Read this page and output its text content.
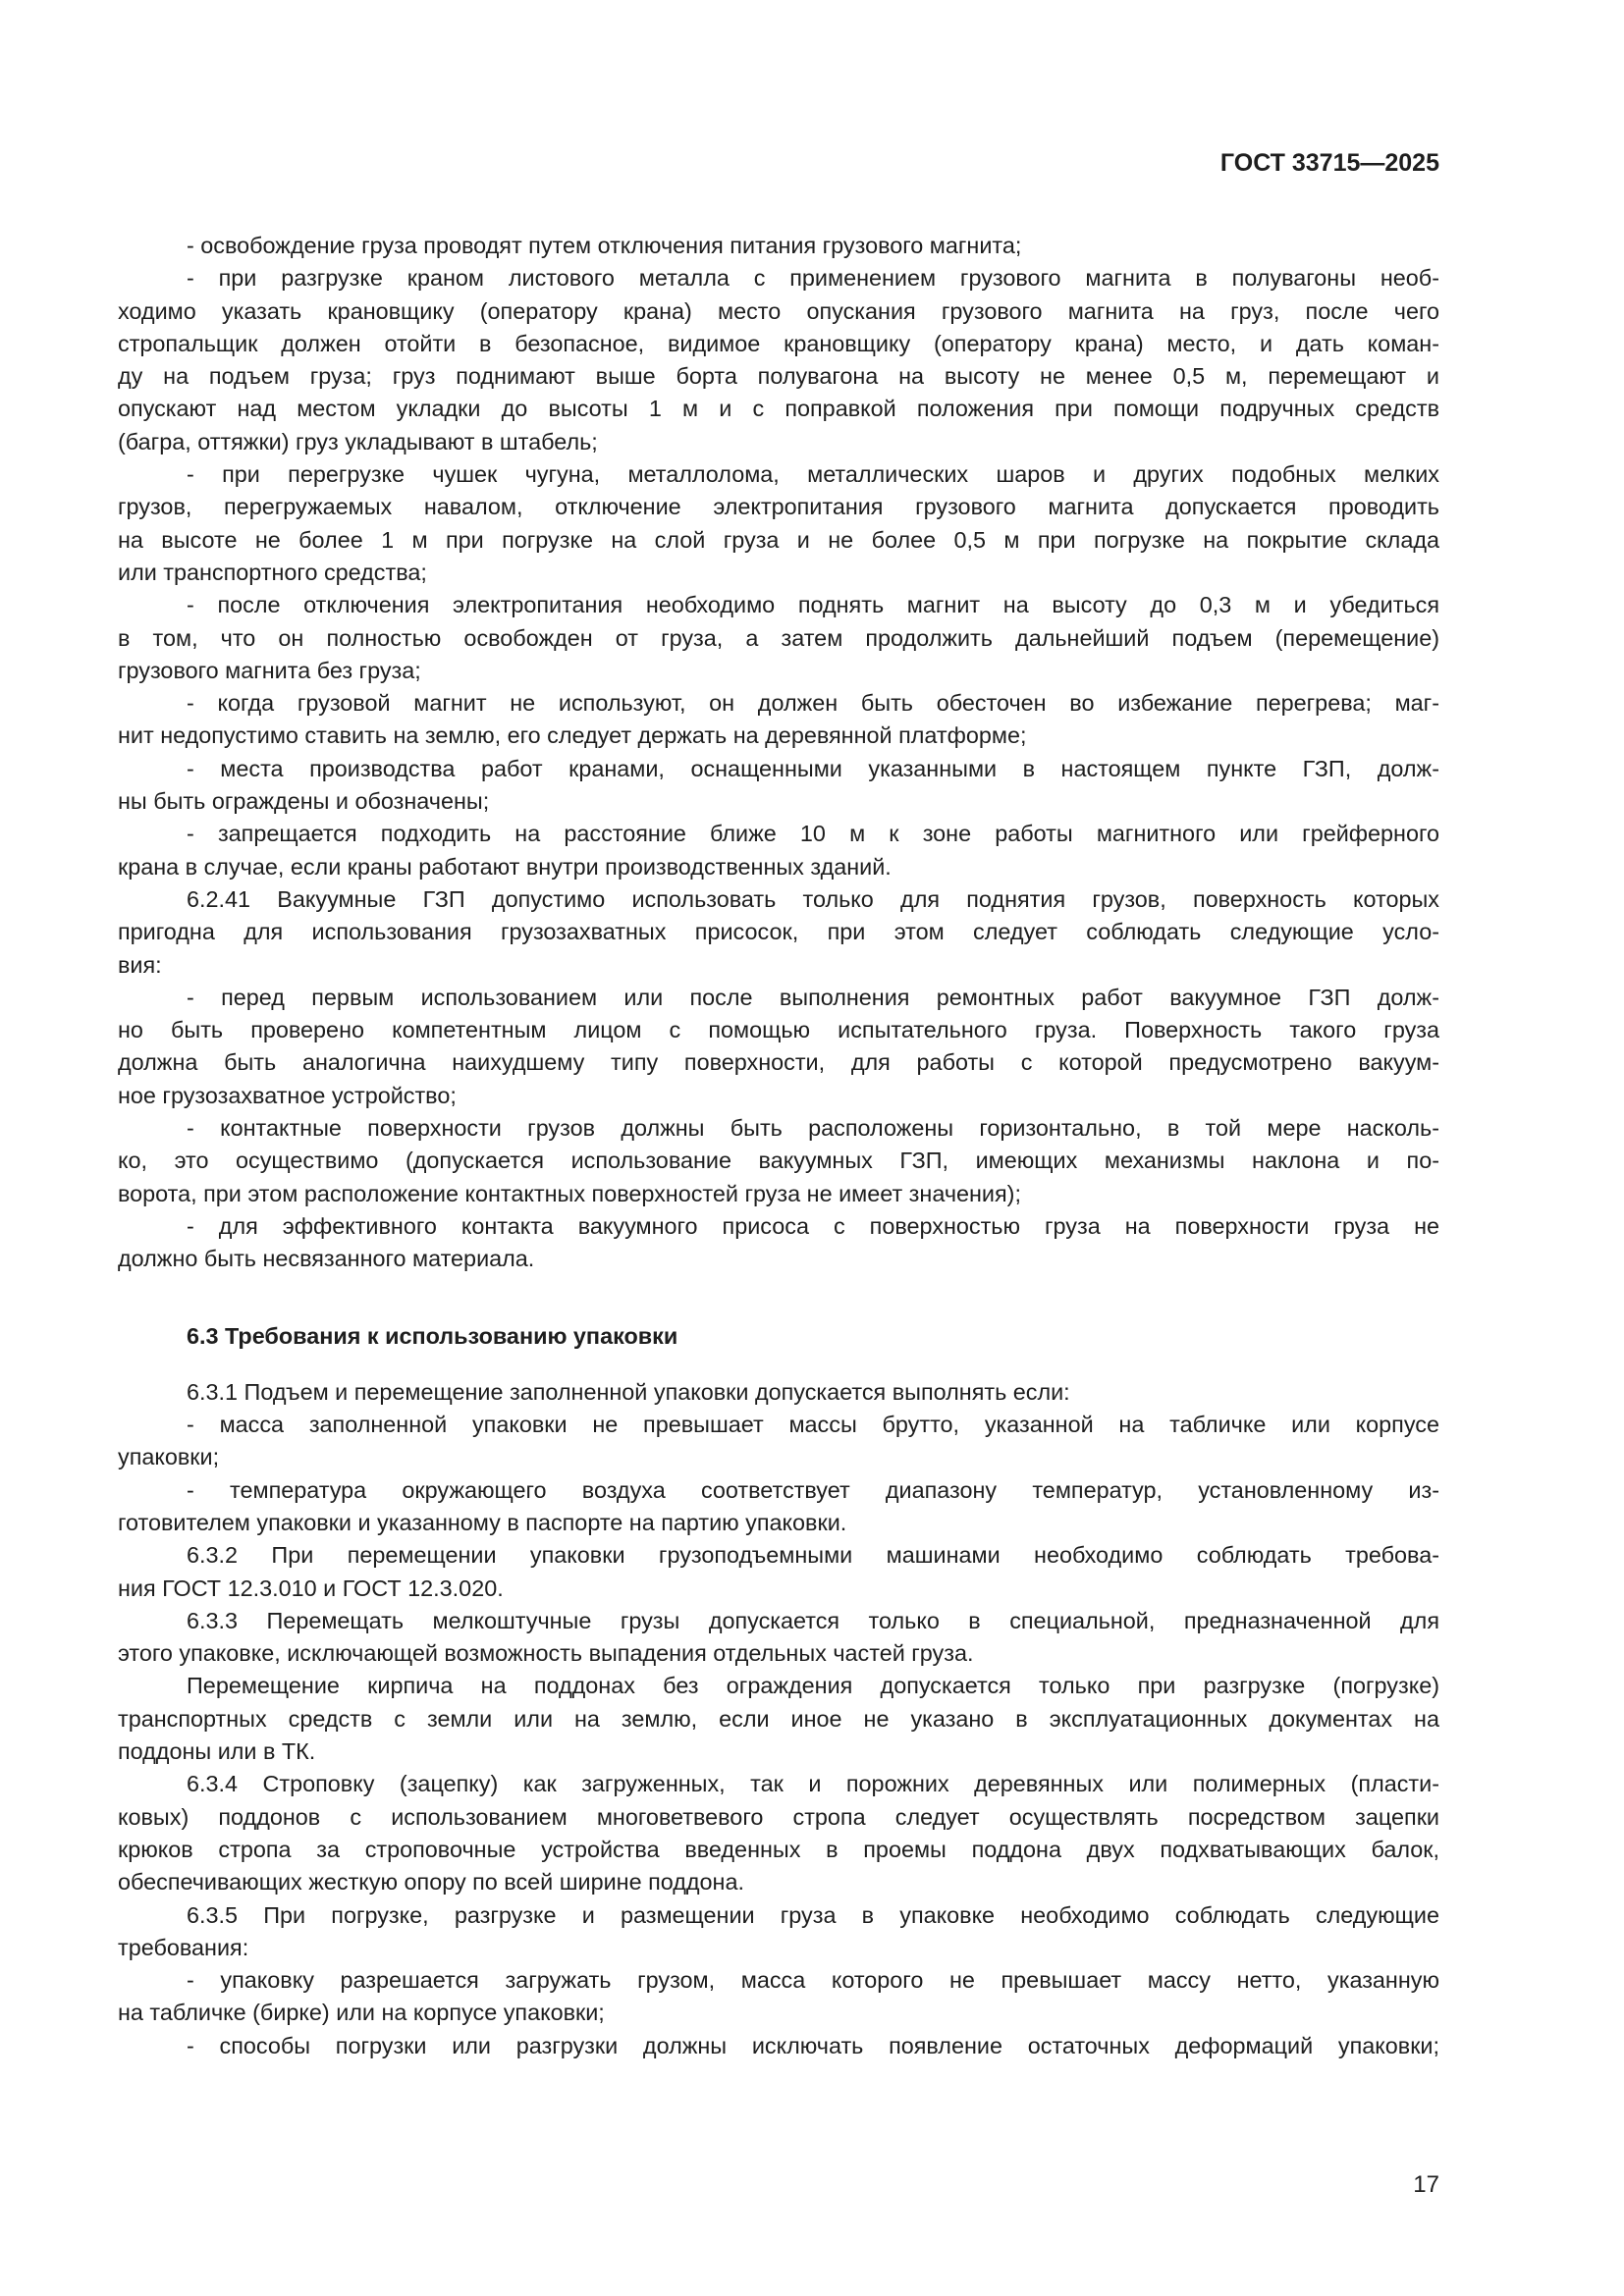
ГОСТ 33715—2025
- освобождение груза проводят путем отключения питания грузового магнита;
- при разгрузке краном листового металла с применением грузового магнита в полувагоны необ-
ходимо указать крановщику (оператору крана) место опускания грузового магнита на груз, после чего
стропальщик должен отойти в безопасное, видимое крановщику (оператору крана) место, и дать коман-
ду на подъем груза; груз поднимают выше борта полувагона на высоту не менее 0,5 м, перемещают и
опускают над местом укладки до высоты 1 м и с поправкой положения при помощи подручных средств
(багра, оттяжки) груз укладывают в штабель;
- при перегрузке чушек чугуна, металлолома, металлических шаров и других подобных мелких
грузов, перегружаемых навалом, отключение электропитания грузового магнита допускается проводить
на высоте не более 1 м при погрузке на слой груза и не более 0,5 м при погрузке на покрытие склада
или транспортного средства;
- после отключения электропитания необходимо поднять магнит на высоту до 0,3 м и убедиться
в том, что он полностью освобожден от груза, а затем продолжить дальнейший подъем (перемещение)
грузового магнита без груза;
- когда грузовой магнит не используют, он должен быть обесточен во избежание перегрева; маг-
нит недопустимо ставить на землю, его следует держать на деревянной платформе;
- места производства работ кранами, оснащенными указанными в настоящем пункте ГЗП, долж-
ны быть ограждены и обозначены;
- запрещается подходить на расстояние ближе 10 м к зоне работы магнитного или грейферного
крана в случае, если краны работают внутри производственных зданий.
6.2.41 Вакуумные ГЗП допустимо использовать только для поднятия грузов, поверхность которых
пригодна для использования грузозахватных присосок, при этом следует соблюдать следующие усло-
вия:
- перед первым использованием или после выполнения ремонтных работ вакуумное ГЗП долж-
но быть проверено компетентным лицом с помощью испытательного груза. Поверхность такого груза
должна быть аналогична наихудшему типу поверхности, для работы с которой предусмотрено вакуум-
ное грузозахватное устройство;
- контактные поверхности грузов должны быть расположены горизонтально, в той мере насколь-
ко, это осуществимо (допускается использование вакуумных ГЗП, имеющих механизмы наклона и по-
ворота, при этом расположение контактных поверхностей груза не имеет значения);
- для эффективного контакта вакуумного присоса с поверхностью груза на поверхности груза не
должно быть несвязанного материала.
6.3 Требования к использованию упаковки
6.3.1 Подъем и перемещение заполненной упаковки допускается выполнять если:
- масса заполненной упаковки не превышает массы брутто, указанной на табличке или корпусе
упаковки;
- температура окружающего воздуха соответствует диапазону температур, установленному из-
готовителем упаковки и указанному в паспорте на партию упаковки.
6.3.2 При перемещении упаковки грузоподъемными машинами необходимо соблюдать требова-
ния ГОСТ 12.3.010 и ГОСТ 12.3.020.
6.3.3 Перемещать мелкоштучные грузы допускается только в специальной, предназначенной для
этого упаковке, исключающей возможность выпадения отдельных частей груза.
Перемещение кирпича на поддонах без ограждения допускается только при разгрузке (погрузке)
транспортных средств с земли или на землю, если иное не указано в эксплуатационных документах на
поддоны или в ТК.
6.3.4 Строповку (зацепку) как загруженных, так и порожних деревянных или полимерных (пласти-
ковых) поддонов с использованием многоветвевого стропа следует осуществлять посредством зацепки
крюков стропа за строповочные устройства введенных в проемы поддона двух подхватывающих балок,
обеспечивающих жесткую опору по всей ширине поддона.
6.3.5 При погрузке, разгрузке и размещении груза в упаковке необходимо соблюдать следующие
требования:
- упаковку разрешается загружать грузом, масса которого не превышает массу нетто, указанную
на табличке (бирке) или на корпусе упаковки;
- способы погрузки или разгрузки должны исключать появление остаточных деформаций упаковки;
17
